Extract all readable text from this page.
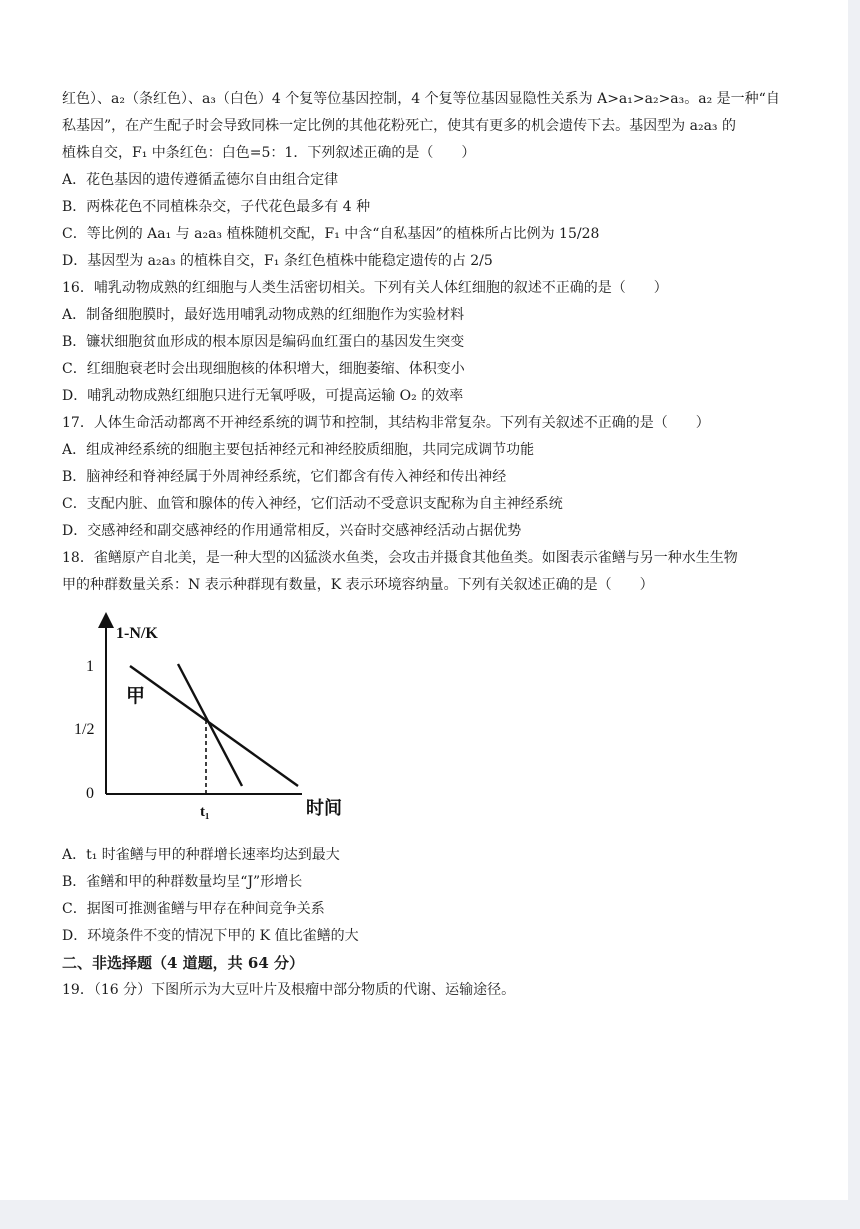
红色）、a₂（条红色）、a₃（白色）4 个复等位基因控制，4 个复等位基因显隐性关系为 A>a₁>a₂>a₃。a₂ 是一种“自
私基因”，在产生配子时会导致同株一定比例的其他花粉死亡，使其有更多的机会遗传下去。基因型为 a₂a₃ 的
植株自交，F₁ 中条红色：白色=5：1．下列叙述正确的是（　　）
A．花色基因的遗传遵循孟德尔自由组合定律
B．两株花色不同植株杂交，子代花色最多有 4 种
C．等比例的 Aa₁ 与 a₂a₃ 植株随机交配，F₁ 中含“自私基因”的植株所占比例为 15/28
D．基因型为 a₂a₃ 的植株自交，F₁ 条红色植株中能稳定遗传的占 2/5
16．哺乳动物成熟的红细胞与人类生活密切相关。下列有关人体红细胞的叙述不正确的是（　　）
A．制备细胞膜时，最好选用哺乳动物成熟的红细胞作为实验材料
B．镰状细胞贫血形成的根本原因是编码血红蛋白的基因发生突变
C．红细胞衰老时会出现细胞核的体积增大，细胞萎缩、体积变小
D．哺乳动物成熟红细胞只进行无氧呼吸，可提高运输 O₂ 的效率
17．人体生命活动都离不开神经系统的调节和控制，其结构非常复杂。下列有关叙述不正确的是（　　）
A．组成神经系统的细胞主要包括神经元和神经胶质细胞，共同完成调节功能
B．脑神经和脊神经属于外周神经系统，它们都含有传入神经和传出神经
C．支配内脏、血管和腺体的传入神经，它们活动不受意识支配称为自主神经系统
D．交感神经和副交感神经的作用通常相反，兴奋时交感神经活动占据优势
18．雀鳝原产自北美，是一种大型的凶猛淡水鱼类，会攻击并摄食其他鱼类。如图表示雀鳝与另一种水生生物
甲的种群数量关系：N 表示种群现有数量，K 表示环境容纳量。下列有关叙述正确的是（　　）
1-N/K
1
1/2
0
甲
t₁	时间
A．t₁ 时雀鳝与甲的种群增长速率均达到最大
B．雀鳝和甲的种群数量均呈“J”形增长
C．据图可推测雀鳝与甲存在种间竞争关系
D．环境条件不变的情况下甲的 K 值比雀鳝的大
二、非选择题（4 道题，共 64 分）
19．（16 分）下图所示为大豆叶片及根瘤中部分物质的代谢、运输途径。
